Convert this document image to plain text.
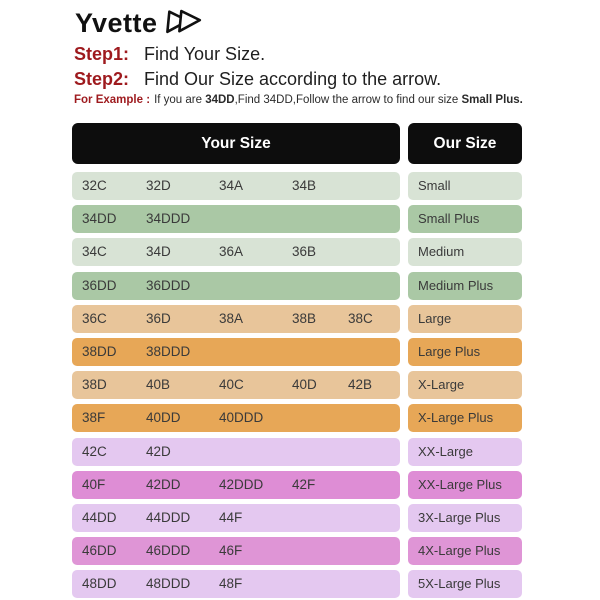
Yvette
Step1: Find Your Size.
Step2: Find Our Size according to the arrow.
For Example : If you are 34DD,Find 34DD,Follow the arrow to find our size Small Plus.
Your Size	Our Size
32C	32D	34A	34B	Small
34DD 34DDD	Small Plus
34C	34D	36A	36B	Medium
36DD 36DDD	Medium Plus
36C	36D	38A	38B 38C	Large
38DD 38DDD	Large Plus
38D	40B	40C	40D 42B	X-Large
38F	40DD	40DDD	X-Large Plus
42C	42D	XX-Large
40F	42DD	42DDD 42F	XX-Large Plus
44DD 44DDD 44F	3X-Large Plus
46DD 46DDD 46F	4X-Large Plus
48DD 48DDD 48F	5X-Large Plus
